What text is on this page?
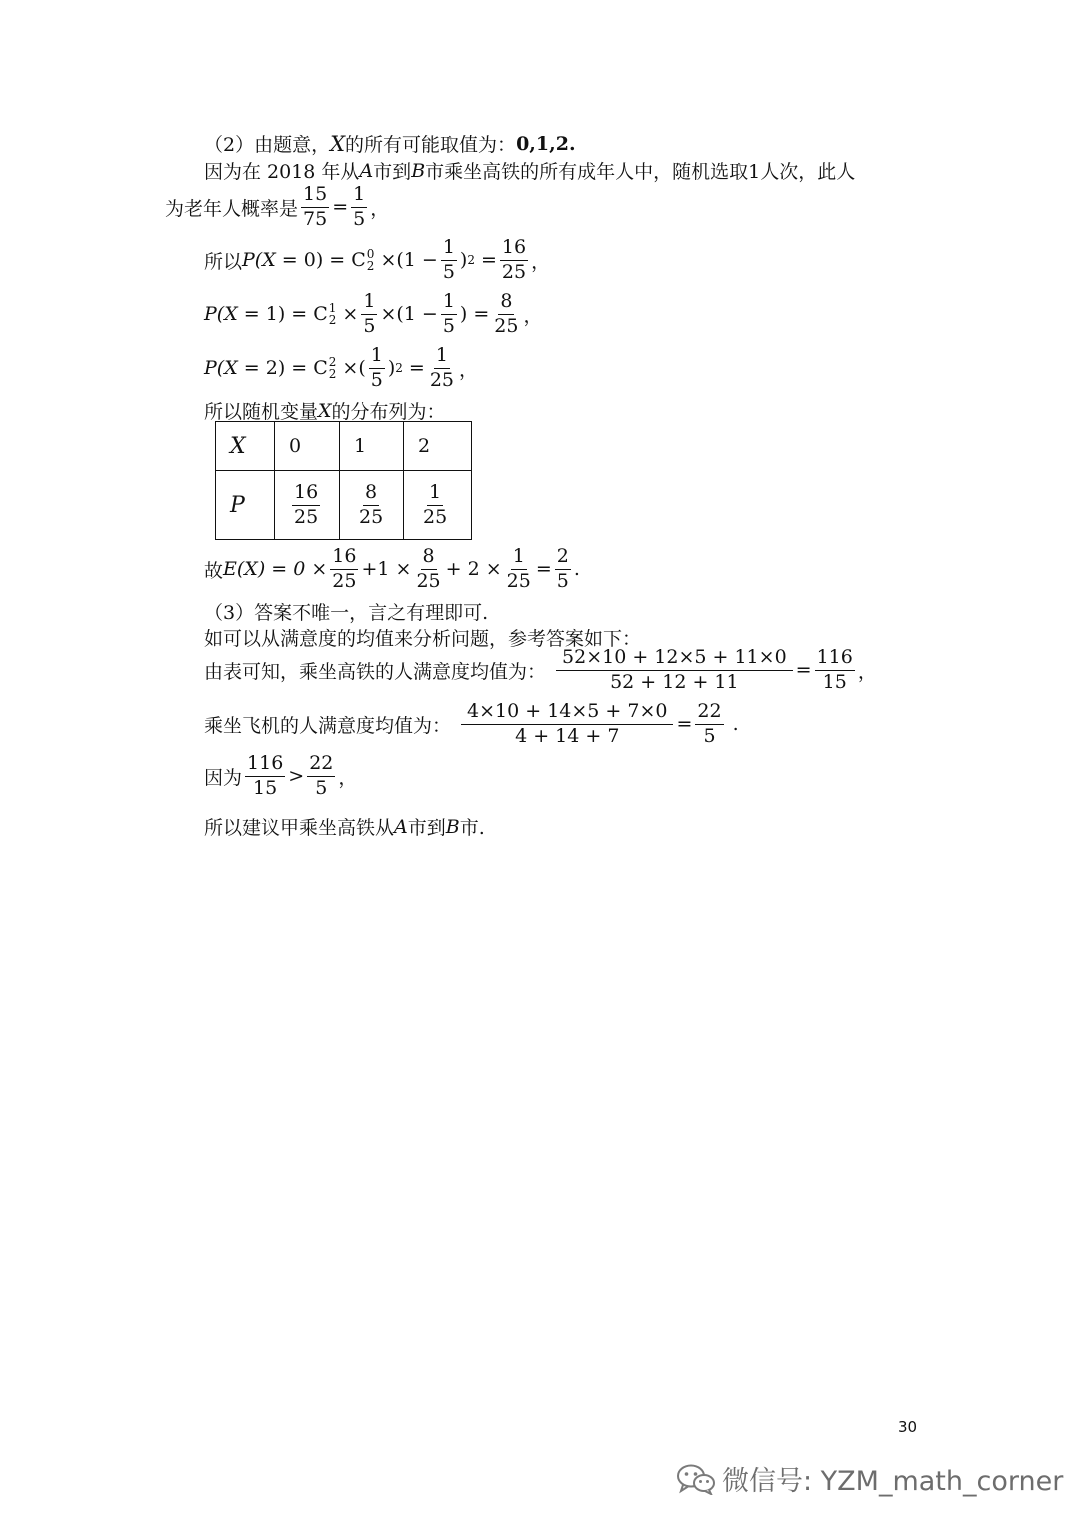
（2）由题意， X 的所有可能取值为： 0,1,2.
因为在 2018 年从 A 市到 B 市乘坐高铁的所有成年人中，随机选取1人次，此人
为老年人概率是 $\frac{15}{75} = \frac{1}{5}$ ，
所以 P( X = 0) = C 0
$2 \times (1 - \frac{1}{5}$ ) $2 = \frac{16}{25}$ ，
P( X = 1) = C 1
$2 \times \frac{1}{5} \times (1 - \frac{1}{5}$ ) = $\frac{8}{25}$ ，
P( X = 2) = C 2
2 × ( $\frac{1}{5}$ ) $2 = \frac{1}{25}$ ，
所以随机变量 X 的分布列为：
X	0	1	2
P	$\frac{16}{25}$	$\frac{8}{25}$	$\frac{1}{25}$
故 $E(X) = 0 \times \frac{16}{25} +1 \times \frac{8}{25} + 2 \times \frac{1}{25} = \frac{2}{5}$ .
（3）答案不唯一，言之有理即可.
如可以从满意度的均值来分析问题，参考答案如下：
由表可知，乘坐高铁的人满意度均值为： $\frac{52\times 10 + 12\times 5 + 11\times 0}{52 + 12 + 11} = \frac{116}{15}$ ，
乘坐飞机的人满意度均值为： $\frac{4\times 10 + 14\times 5 + 7\times 0}{4 + 14 + 7} = \frac{22}{5}$ .
因为 $\frac{116}{15} > \frac{22}{5}$ ，
所以建议甲乘坐高铁从 A 市到 B 市.
30
微信号: YZM_math_corner
